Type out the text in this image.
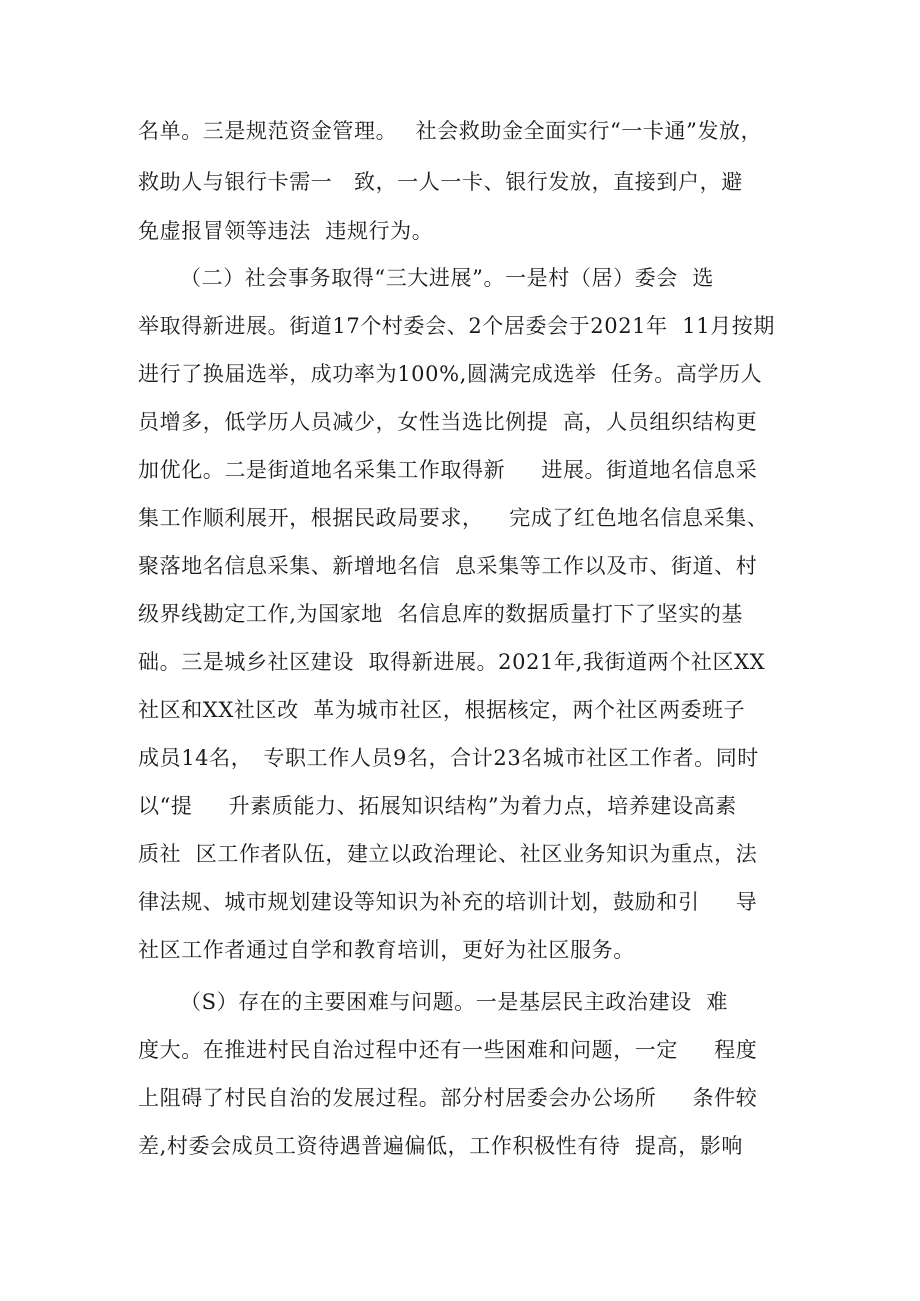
名单。三是规范资金管理。　 社会救助金全面实行“一卡通”发放，
救助人与银行卡需一　致，一人一卡、银行发放，直接到户，避
免虚报冒领等违法  违规行为。
（二）社会事务取得“三大进展”。一是村（居）委会  选
举取得新进展。街道17个村委会、2个居委会于2021年  11月按期
进行了换届选举，成功率为100%,圆满完成选举  任务。高学历人
员增多，低学历人员减少，女性当选比例提  高，人员组织结构更
加优化。二是街道地名采集工作取得新　  进展。街道地名信息采
集工作顺利展开，根据民政局要求，　  完成了红色地名信息采集、
聚落地名信息采集、新增地名信  息采集等工作以及市、街道、村
级界线勘定工作,为国家地  名信息库的数据质量打下了坚实的基
础。三是城乡社区建设  取得新进展。2021年,我街道两个社区XX
社区和XX社区改  革为城市社区，根据核定，两个社区两委班子
成员14名，　专职工作人员9名，合计23名城市社区工作者。同时
以“提　  升素质能力、拓展知识结构”为着力点，培养建设高素
质社  区工作者队伍，建立以政治理论、社区业务知识为重点，法
律法规、城市规划建设等知识为补充的培训计划，鼓励和引　  导
社区工作者通过自学和教育培训，更好为社区服务。
（S）存在的主要困难与问题。一是基层民主政治建设  难
度大。在推进村民自治过程中还有一些困难和问题，一定　  程度
上阻碍了村民自治的发展过程。部分村居委会办公场所　  条件较
差,村委会成员工资待遇普遍偏低，工作积极性有待  提高，影响
